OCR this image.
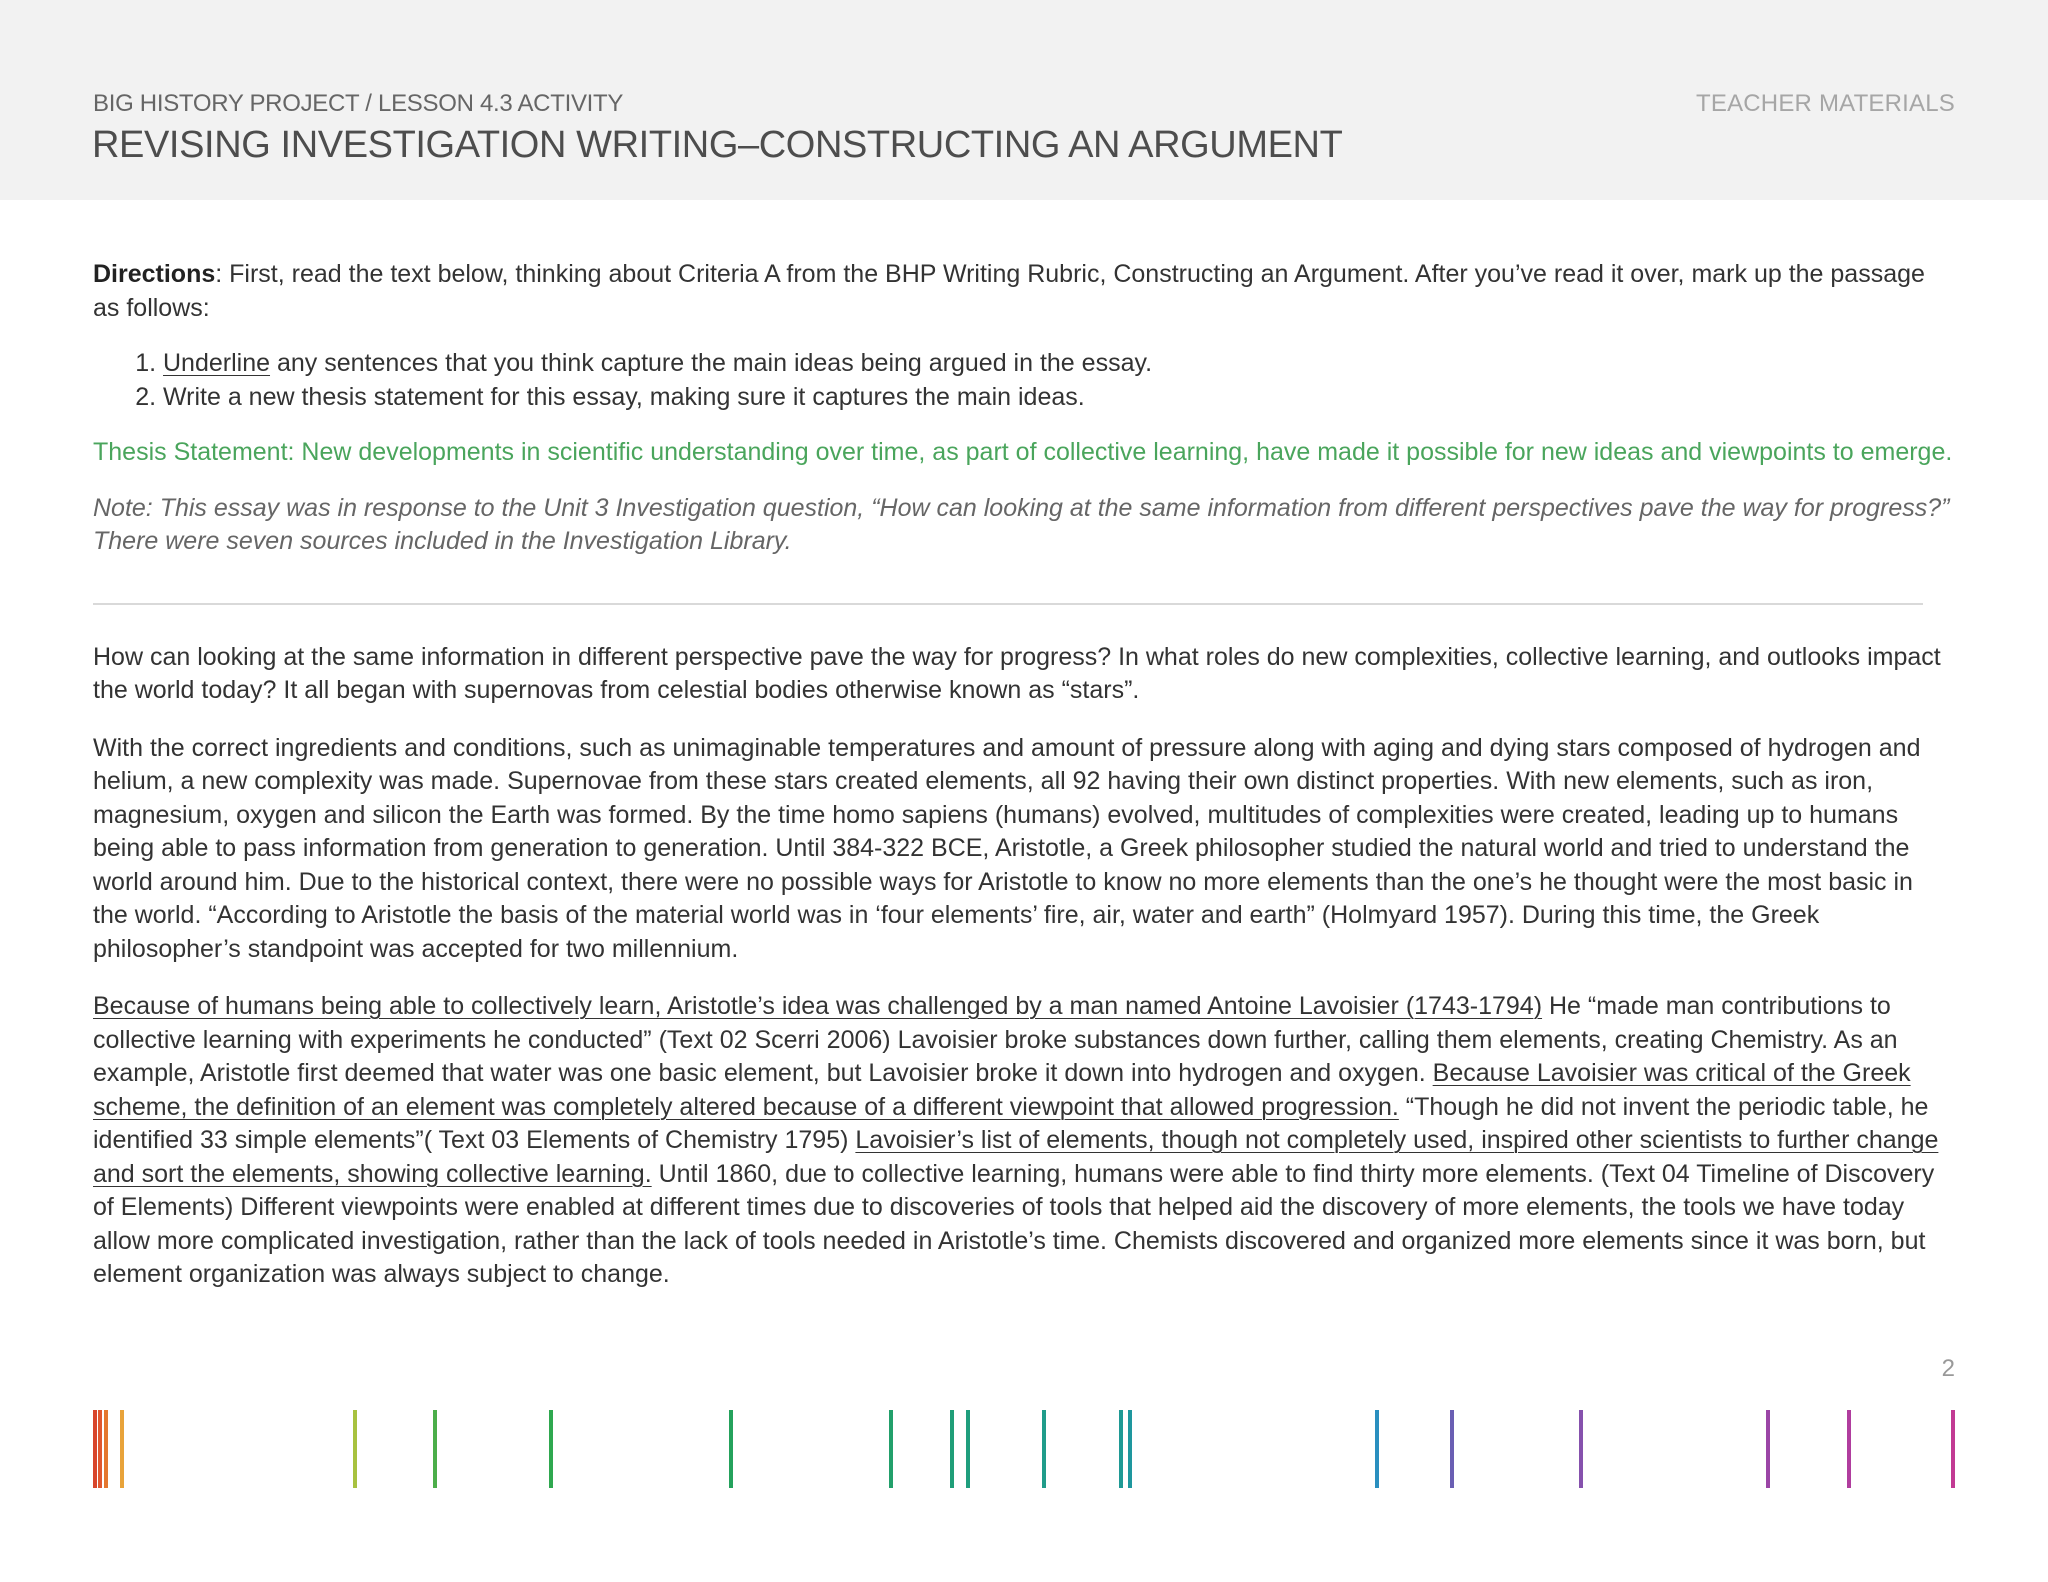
BIG HISTORY PROJECT / LESSON 4.3 ACTIVITY	TEACHER MATERIALS
REVISING INVESTIGATION WRITING–CONSTRUCTING AN ARGUMENT

Directions: First, read the text below, thinking about Criteria A from the BHP Writing Rubric, Constructing an Argument. After you’ve read it over, mark up the passage as follows:

1. Underline any sentences that you think capture the main ideas being argued in the essay.
2. Write a new thesis statement for this essay, making sure it captures the main ideas.

Thesis Statement: New developments in scientific understanding over time, as part of collective learning, have made it possible for new ideas and viewpoints to emerge.

Note: This essay was in response to the Unit 3 Investigation question, “How can looking at the same information from different perspectives pave the way for progress?” There were seven sources included in the Investigation Library.

How can looking at the same information in different perspective pave the way for progress? In what roles do new complexities, collective learning, and outlooks impact the world today? It all began with supernovas from celestial bodies otherwise known as “stars”.

With the correct ingredients and conditions, such as unimaginable temperatures and amount of pressure along with aging and dying stars composed of hydrogen and helium, a new complexity was made. Supernovae from these stars created elements, all 92 having their own distinct properties. With new elements, such as iron, magnesium, oxygen and silicon the Earth was formed. By the time homo sapiens (humans) evolved, multitudes of complexities were created, leading up to humans being able to pass information from generation to generation. Until 384-322 BCE, Aristotle, a Greek philosopher studied the natural world and tried to understand the world around him. Due to the historical context, there were no possible ways for Aristotle to know no more elements than the one’s he thought were the most basic in the world. “According to Aristotle the basis of the material world was in ‘four elements’ fire, air, water and earth” (Holmyard 1957). During this time, the Greek philosopher’s standpoint was accepted for two millennium.

Because of humans being able to collectively learn, Aristotle’s idea was challenged by a man named Antoine Lavoisier (1743-1794) He “made man contributions to collective learning with experiments he conducted” (Text 02 Scerri 2006) Lavoisier broke substances down further, calling them elements, creating Chemistry. As an example, Aristotle first deemed that water was one basic element, but Lavoisier broke it down into hydrogen and oxygen. Because Lavoisier was critical of the Greek scheme, the definition of an element was completely altered because of a different viewpoint that allowed progression. “Though he did not invent the periodic table, he identified 33 simple elements”( Text 03 Elements of Chemistry 1795) Lavoisier’s list of elements, though not completely used, inspired other scientists to further change and sort the elements, showing collective learning. Until 1860, due to collective learning, humans were able to find thirty more elements. (Text 04 Timeline of Discovery of Elements) Different viewpoints were enabled at different times due to discoveries of tools that helped aid the discovery of more elements, the tools we have today allow more complicated investigation, rather than the lack of tools needed in Aristotle’s time. Chemists discovered and organized more elements since it was born, but element organization was always subject to change.

2
